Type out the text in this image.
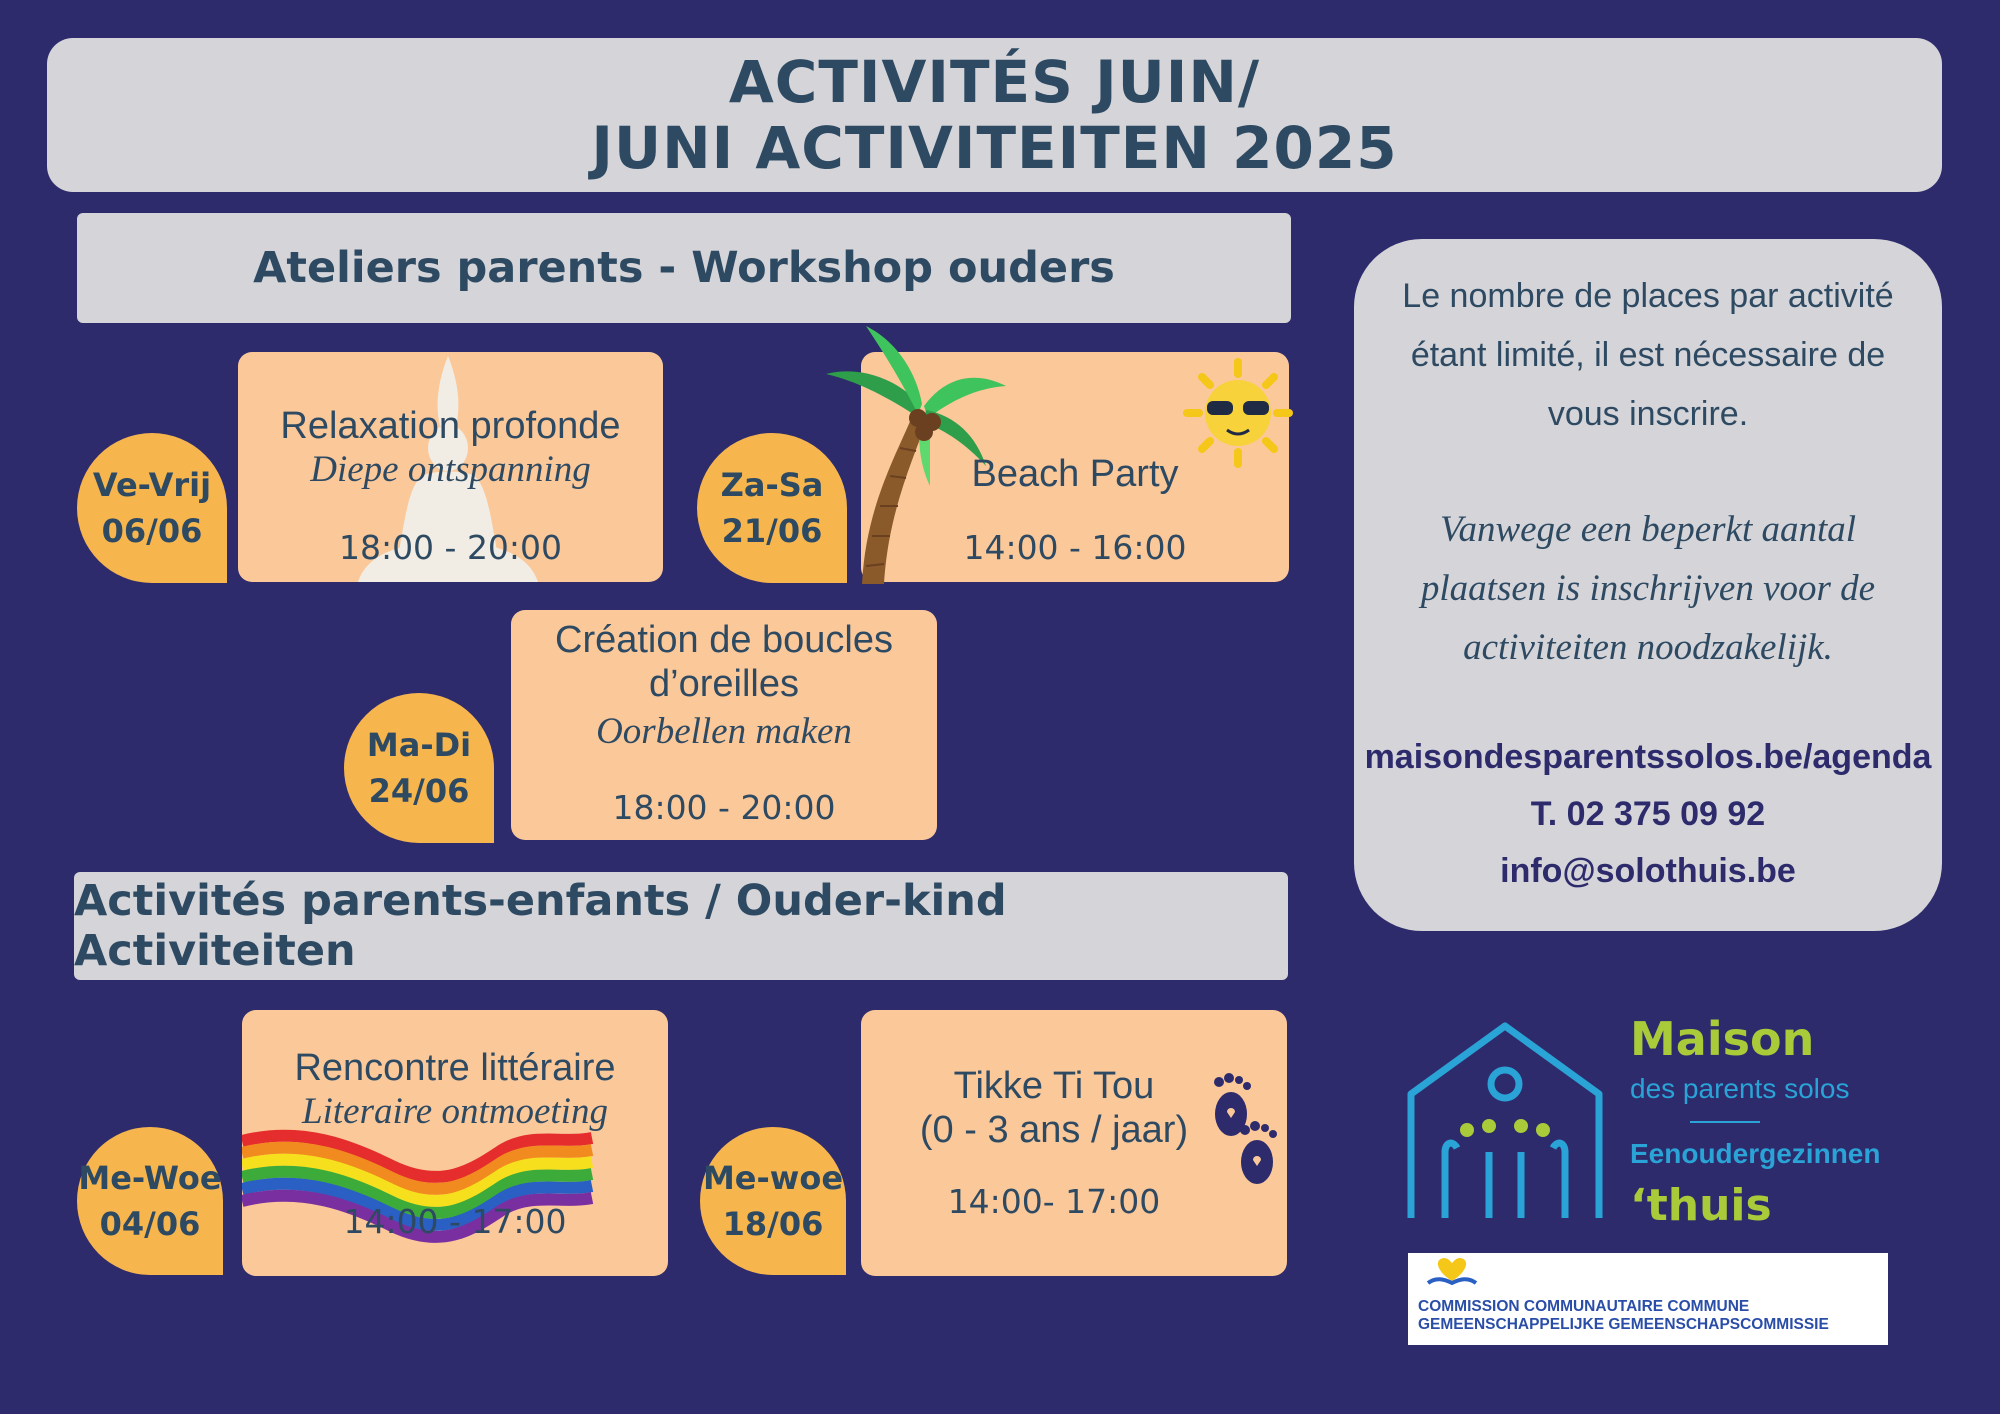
ACTIVITÉS JUIN/
JUNI ACTIVITEITEN 2025
Ateliers parents - Workshop ouders
Ve-Vrij
06/06
Relaxation profonde
Diepe ontspanning
18:00 - 20:00
Za-Sa
21/06
Beach Party
14:00 - 16:00
Ma-Di
24/06
Création de boucles
d’oreilles
Oorbellen maken
18:00 - 20:00
Activités parents-enfants / Ouder-kind Activiteiten
Me-Woe
04/06
Rencontre littéraire
Literaire ontmoeting
14:00 - 17:00
Me-woe
18/06
Tikke Ti Tou
(0 - 3 ans / jaar)
14:00- 17:00
Le nombre de places par activité
étant limité, il est nécessaire de
vous inscrire.
Vanwege een beperkt aantal
plaatsen is inschrijven voor de
activiteiten noodzakelijk.
maisondesparentssolos.be/agenda
T. 02 375 09 92
info@solothuis.be
Maison
des parents solos
Eenoudergezinnen
‘thuis
COMMISSION COMMUNAUTAIRE COMMUNE
GEMEENSCHAPPELIJKE GEMEENSCHAPSCOMMISSIE
